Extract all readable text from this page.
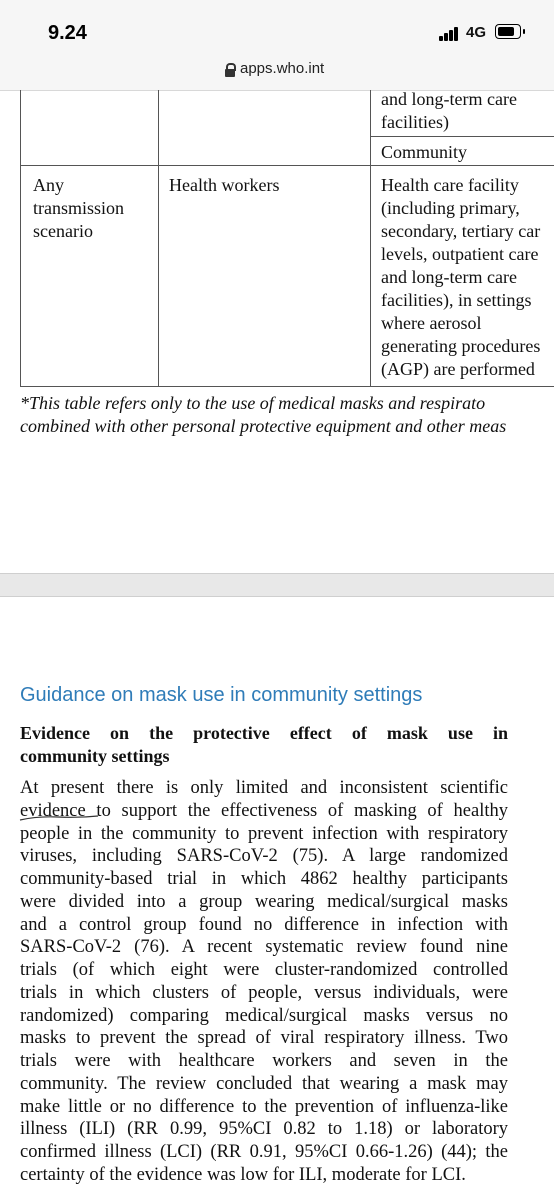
9.24	4G
apps.who.int
and long-term care
facilities)
Community
Any
transmission
scenario
Health workers	Health care facility
(including primary,
secondary, tertiary car
levels, outpatient care
and long-term care
facilities), in settings
where aerosol
generating procedures
(AGP) are performed
*This table refers only to the use of medical masks and respirato
combined with other personal protective equipment and other meas
Guidance on mask use in community settings
Evidence on the protective effect of mask use in
community settings
At present there is only limited and inconsistent scientific
evidence to support the effectiveness of masking of healthy
people in the community to prevent infection with respiratory
viruses, including SARS-CoV-2 (75). A large randomized
community-based trial in which 4862 healthy participants
were divided into a group wearing medical/surgical masks
and a control group found no difference in infection with
SARS-CoV-2 (76). A recent systematic review found nine
trials (of which eight were cluster-randomized controlled
trials in which clusters of people, versus individuals, were
randomized) comparing medical/surgical masks versus no
masks to prevent the spread of viral respiratory illness. Two
trials were with healthcare workers and seven in the
community. The review concluded that wearing a mask may
make little or no difference to the prevention of influenza-like
illness (ILI) (RR 0.99, 95%CI 0.82 to 1.18) or laboratory
confirmed illness (LCI) (RR 0.91, 95%CI 0.66-1.26) (44); the
certainty of the evidence was low for ILI, moderate for LCI.
